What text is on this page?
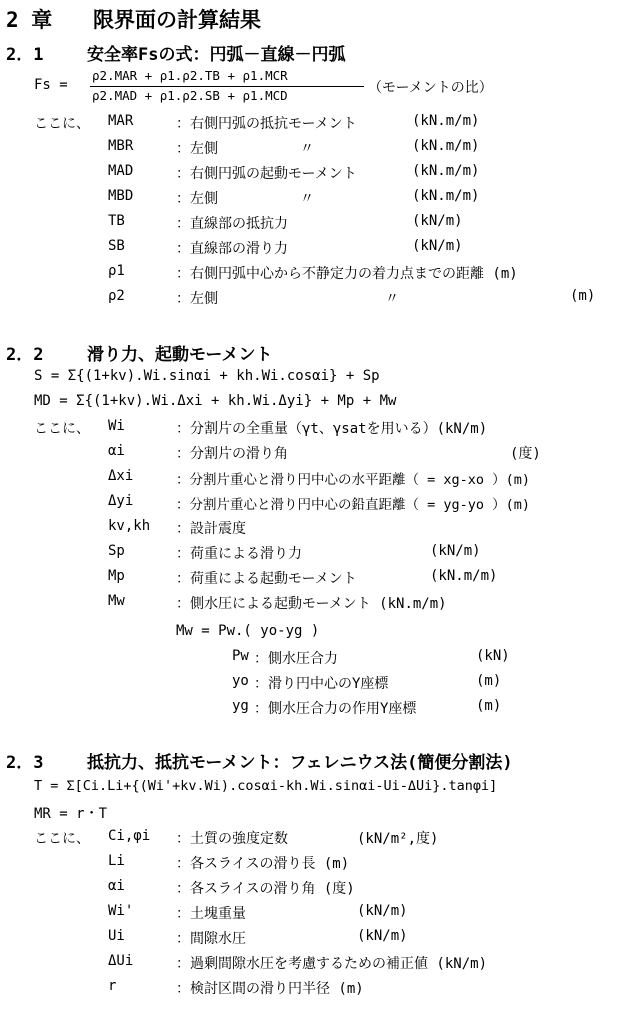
2 章 限界面の計算結果
2．1	安全率Fsの式：円弧－直線－円弧
Fs =
ρ2.MAR + ρ1.ρ2.TB + ρ1.MCR
ρ2.MAD + ρ1.ρ2.SB + ρ1.MCD	（モーメントの比）
ここに、 MAR	：右側円弧の抵抗モーメント	(kN.m/m)
MBR	：左側	〃	(kN.m/m)
MAD	：右側円弧の起動モーメント	(kN.m/m)
MBD	：左側	〃	(kN.m/m)
TB	：直線部の抵抗力	(kN/m)
SB	：直線部の滑り力	(kN/m)
ρ1	：右側円弧中心から不静定力の着力点までの距離 (m)
ρ2	：左側	〃	(m)
2．2	滑り力、起動モーメント
S = Σ{(1+kv).Wi.sinαi + kh.Wi.cosαi} + Sp
MD = Σ{(1+kv).Wi.Δxi + kh.Wi.Δyi} + Mp + Mw
ここに、 Wi	：分割片の全重量（γt、γsatを用いる）(kN/m)
αi	：分割片の滑り角	(度)
Δxi	：分割片重心と滑り円中心の水平距離（ = xg-xo ）(m)
Δyi	：分割片重心と滑り円中心の鉛直距離（ = yg-yo ）(m)
kv,kh ：設計震度
Sp	：荷重による滑り力	(kN/m)
Mp	：荷重による起動モーメント	(kN.m/m)
Mw	：側水圧による起動モーメント (kN.m/m)
Mw = Pw.( yo-yg )
Pw ：側水圧合力	(kN)
yo ：滑り円中心のY座標	(m)
yg ：側水圧合力の作用Y座標	(m)
2．3	抵抗力、抵抗モーメント：フェレニウス法(簡便分割法)
T = Σ[Ci.Li+{(Wi'+kv.Wi).cosαi-kh.Wi.sinαi-Ui-ΔUi}.tanφi]
MR = r・T
ここに、 Ci,φi ：土質の強度定数	(kN/m²,度)
Li	：各スライスの滑り長 (m)
αi	：各スライスの滑り角 (度)
Wi'	：土塊重量	(kN/m)
Ui	：間隙水圧	(kN/m)
ΔUi	：過剰間隙水圧を考慮するための補正値 (kN/m)
r	：検討区間の滑り円半径 (m)
